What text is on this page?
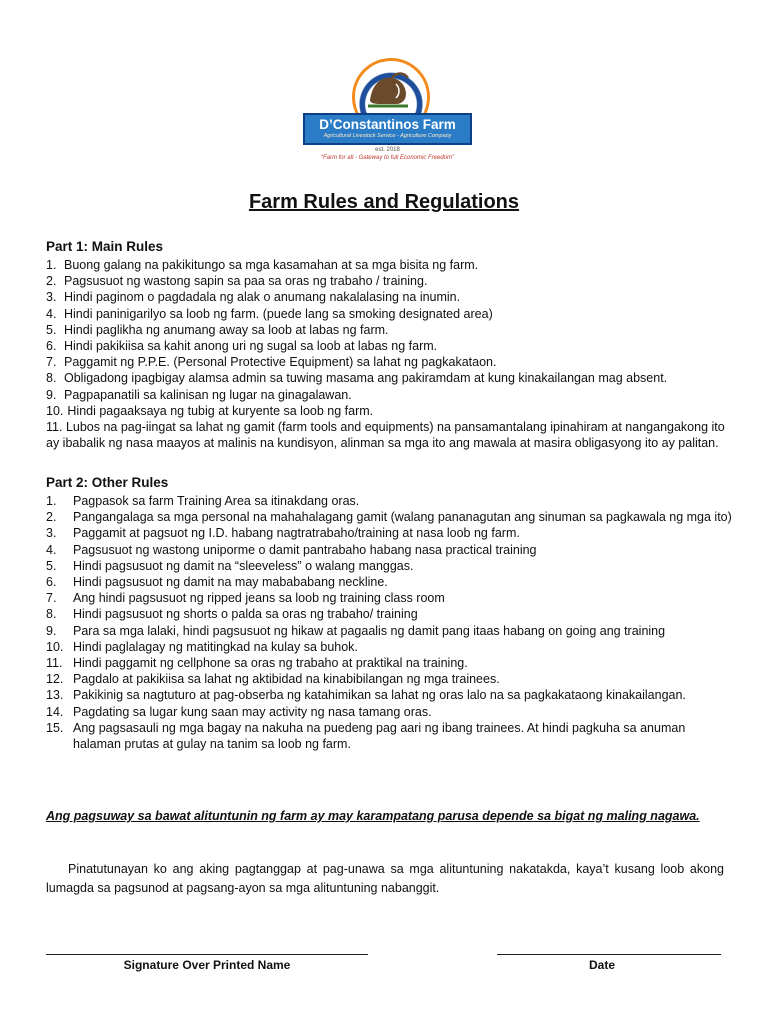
D’Constantinos Farm
Agricultural Livestock Service - Agriculture Company
est. 2018
“Farm for all - Gateway to full Economic Freedom”
Farm Rules and Regulations
Part 1: Main Rules
1. Buong galang na pakikitungo sa mga kasamahan at sa mga bisita ng farm.
2. Pagsusuot ng wastong sapin sa paa sa oras ng trabaho / training.
3. Hindi paginom o pagdadala ng alak o anumang nakalalasing na inumin.
4. Hindi paninigarilyo sa loob ng farm. (puede lang sa smoking designated area)
5. Hindi paglikha ng anumang away sa loob at labas ng farm.
6. Hindi pakikiisa sa kahit anong uri ng sugal sa loob at labas ng farm.
7. Paggamit ng P.P.E. (Personal Protective Equipment) sa lahat ng pagkakataon.
8. Obligadong ipagbigay alamsa admin sa tuwing masama ang pakiramdam at kung kinakailangan mag absent.
9. Pagpapanatili sa kalinisan ng lugar na ginagalawan.
10. Hindi pagaaksaya ng tubig at kuryente sa loob ng farm.
11. Lubos na pag-iingat sa lahat ng gamit (farm tools and equipments) na pansamantalang ipinahiram at nangangakong ito ay ibabalik ng nasa maayos at malinis na kundisyon, alinman sa mga ito ang mawala at masira obligasyong ito ay palitan.
Part 2: Other Rules
1.	Pagpasok sa farm Training Area sa itinakdang oras.
2.	Pangangalaga sa mga personal na mahahalagang gamit (walang pananagutan ang sinuman sa pagkawala ng mga ito)
3.	Paggamit at pagsuot ng I.D. habang nagtratrabaho/training at nasa loob ng farm.
4.	Pagsusuot ng wastong uniporme o damit pantrabaho habang nasa practical training
5.	Hindi pagsusuot ng damit na “sleeveless” o walang manggas.
6.	Hindi pagsusuot ng damit na may mabababang neckline.
7.	Ang hindi pagsusuot ng ripped jeans sa loob ng training class room
8.	Hindi pagsusuot ng shorts o palda sa oras ng trabaho/ training
9.	Para sa mga lalaki, hindi pagsusuot ng hikaw at pagaalis ng damit pang itaas habang on going ang training
10. Hindi paglalagay ng matitingkad na kulay sa buhok.
11. Hindi paggamit ng cellphone sa oras ng trabaho at praktikal na training.
12. Pagdalo at pakikiisa sa lahat ng aktibidad na kinabibilangan ng mga trainees.
13. Pakikinig sa nagtuturo at pag-obserba ng katahimikan sa lahat ng oras lalo na sa pagkakataong kinakailangan.
14. Pagdating sa lugar kung saan may activity ng nasa tamang oras.
15. Ang pagsasauli ng mga bagay na nakuha na puedeng pag aari ng ibang trainees. At hindi pagkuha sa anuman halaman prutas at gulay na tanim sa loob ng farm.
Ang pagsuway sa bawat alituntunin ng farm ay may karampatang parusa depende sa bigat ng maling nagawa.
Pinatutunayan ko ang aking pagtanggap at pag-unawa sa mga alituntuning nakatakda, kaya’t kusang loob akong lumagda sa pagsunod at pagsang-ayon sa mga alituntuning nabanggit.
Signature Over Printed Name	Date
